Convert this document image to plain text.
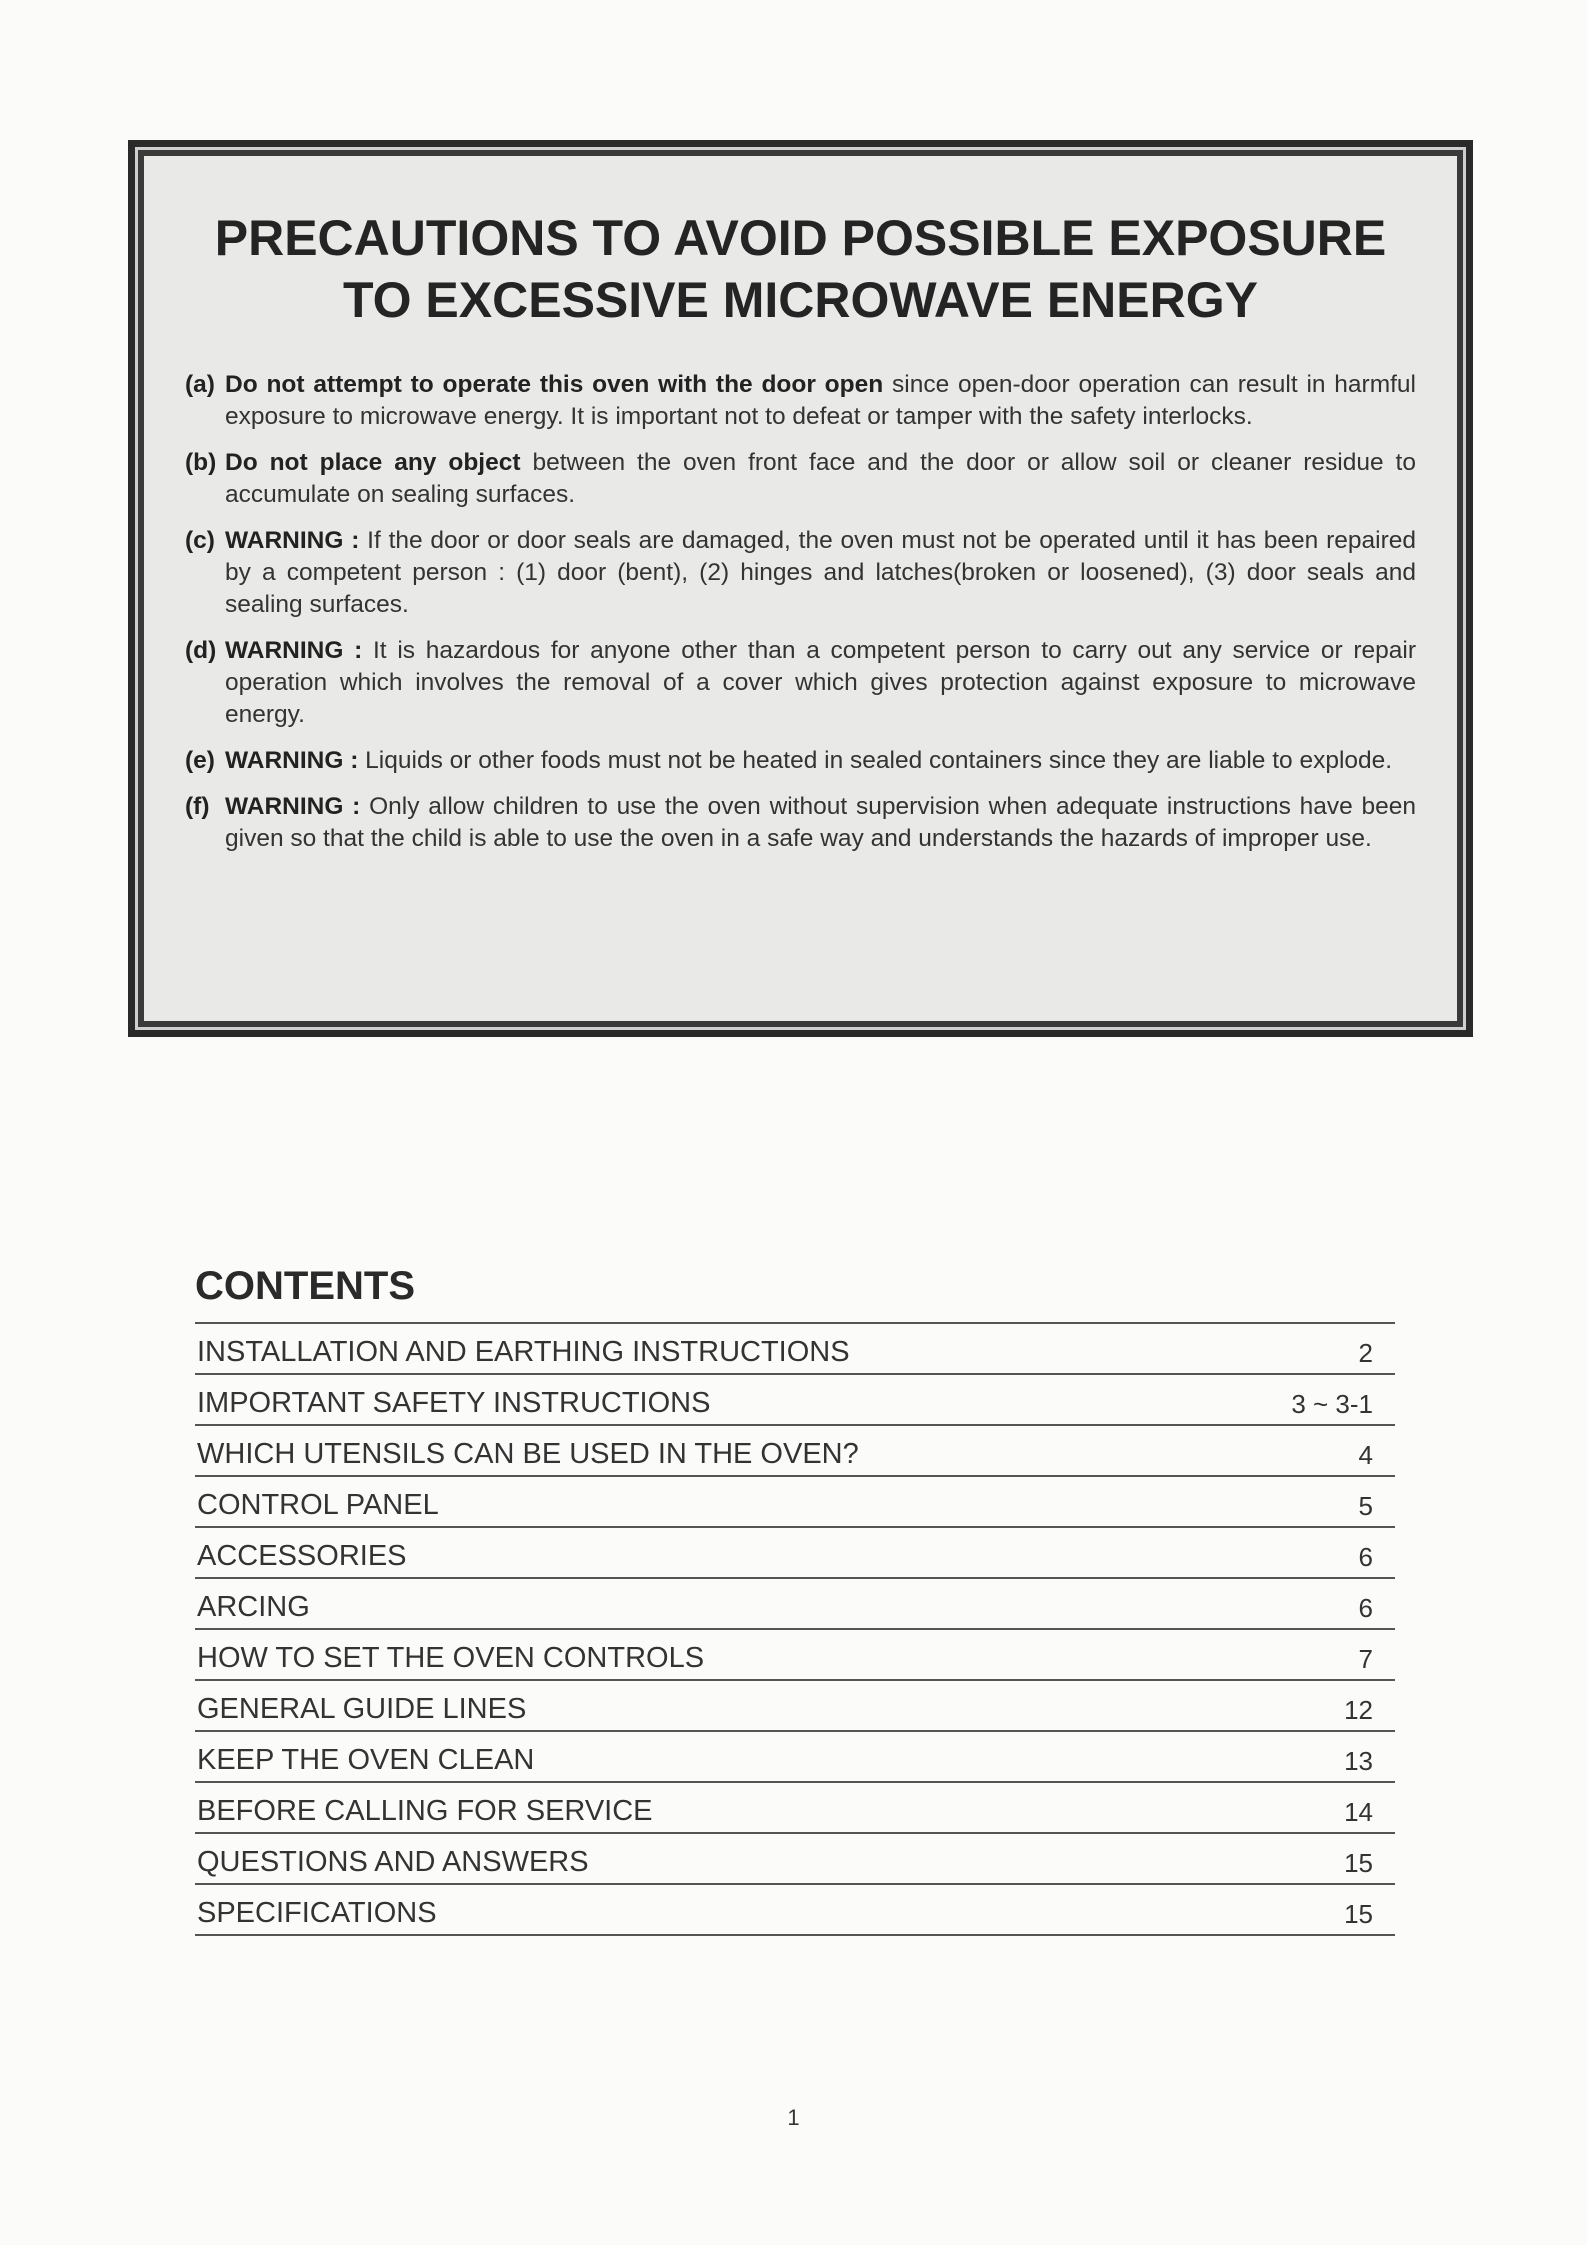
PRECAUTIONS TO AVOID POSSIBLE EXPOSURE
TO EXCESSIVE MICROWAVE ENERGY
(a) Do not attempt to operate this oven with the door open since open-door operation can result in harmful exposure to microwave energy. It is important not to defeat or tamper with the safety interlocks.
(b) Do not place any object between the oven front face and the door or allow soil or cleaner residue to accumulate on sealing surfaces.
(c) WARNING : If the door or door seals are damaged, the oven must not be operated until it has been repaired by a competent person : (1) door (bent), (2) hinges and latches(broken or loosened), (3) door seals and sealing surfaces.
(d) WARNING : It is hazardous for anyone other than a competent person to carry out any service or repair operation which involves the removal of a cover which gives protection against exposure to microwave energy.
(e) WARNING : Liquids or other foods must not be heated in sealed containers since they are liable to explode.
(f) WARNING : Only allow children to use the oven without supervision when adequate instructions have been given so that the child is able to use the oven in a safe way and understands the hazards of improper use.
CONTENTS
INSTALLATION AND EARTHING INSTRUCTIONS	2
IMPORTANT SAFETY INSTRUCTIONS	3 ~ 3-1
WHICH UTENSILS CAN BE USED IN THE OVEN?	4
CONTROL PANEL	5
ACCESSORIES	6
ARCING	6
HOW TO SET THE OVEN CONTROLS	7
GENERAL GUIDE LINES	12
KEEP THE OVEN CLEAN	13
BEFORE CALLING FOR SERVICE	14
QUESTIONS AND ANSWERS	15
SPECIFICATIONS	15
1
